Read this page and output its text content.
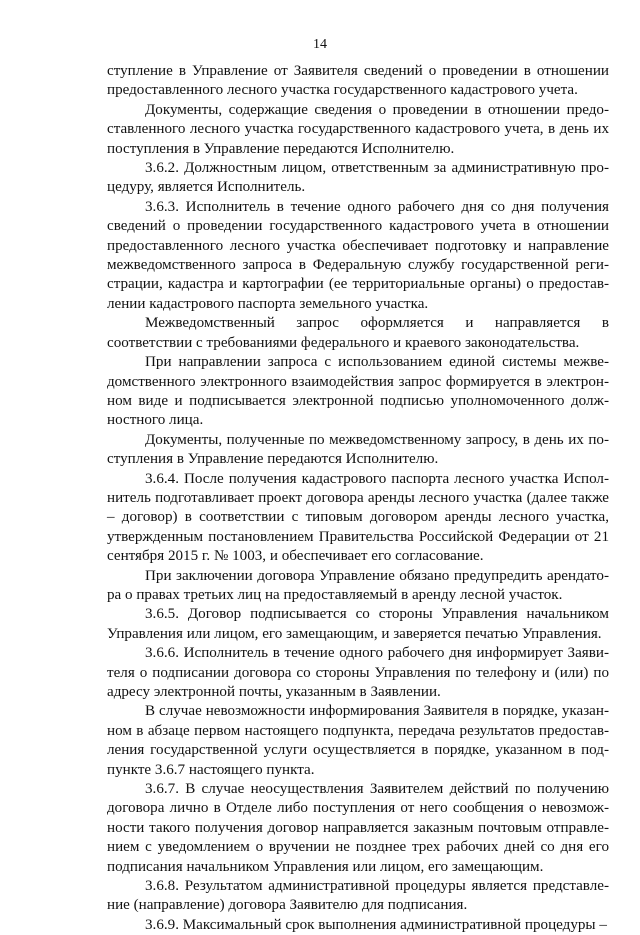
14

ступление в Управление от Заявителя сведений о проведении в отношении предоставленного лесного участка государственного кадастрового учета.

Документы, содержащие сведения о проведении в отношении предоставленного лесного участка государственного кадастрового учета, в день их поступления в Управление передаются Исполнителю.

3.6.2. Должностным лицом, ответственным за административную процедуру, является Исполнитель.

3.6.3. Исполнитель в течение одного рабочего дня со дня получения сведений о проведении государственного кадастрового учета в отношении предоставленного лесного участка обеспечивает подготовку и направление межведомственного запроса в Федеральную службу государственной регистрации, кадастра и картографии (ее территориальные органы) о предоставлении кадастрового паспорта земельного участка.

Межведомственный запрос оформляется и направляется в соответствии с требованиями федерального и краевого законодательства.

При направлении запроса с использованием единой системы межведомственного электронного взаимодействия запрос формируется в электронном виде и подписывается электронной подписью уполномоченного должностного лица.

Документы, полученные по межведомственному запросу, в день их поступления в Управление передаются Исполнителю.

3.6.4. После получения кадастрового паспорта лесного участка Исполнитель подготавливает проект договора аренды лесного участка (далее также – договор) в соответствии с типовым договором аренды лесного участка, утвержденным постановлением Правительства Российской Федерации от 21 сентября 2015 г. № 1003, и обеспечивает его согласование.

При заключении договора Управление обязано предупредить арендатора о правах третьих лиц на предоставляемый в аренду лесной участок.

3.6.5. Договор подписывается со стороны Управления начальником Управления или лицом, его замещающим, и заверяется печатью Управления.

3.6.6. Исполнитель в течение одного рабочего дня информирует Заявителя о подписании договора со стороны Управления по телефону и (или) по адресу электронной почты, указанным в Заявлении.

В случае невозможности информирования Заявителя в порядке, указанном в абзаце первом настоящего подпункта, передача результатов предоставления государственной услуги осуществляется в порядке, указанном в подпункте 3.6.7 настоящего пункта.

3.6.7. В случае неосуществления Заявителем действий по получению договора лично в Отделе либо поступления от него сообщения о невозможности такого получения договор направляется заказным почтовым отправлением с уведомлением о вручении не позднее трех рабочих дней со дня его подписания начальником Управления или лицом, его замещающим.

3.6.8. Результатом административной процедуры является представление (направление) договора Заявителю для подписания.

3.6.9. Максимальный срок выполнения административной процедуры –
